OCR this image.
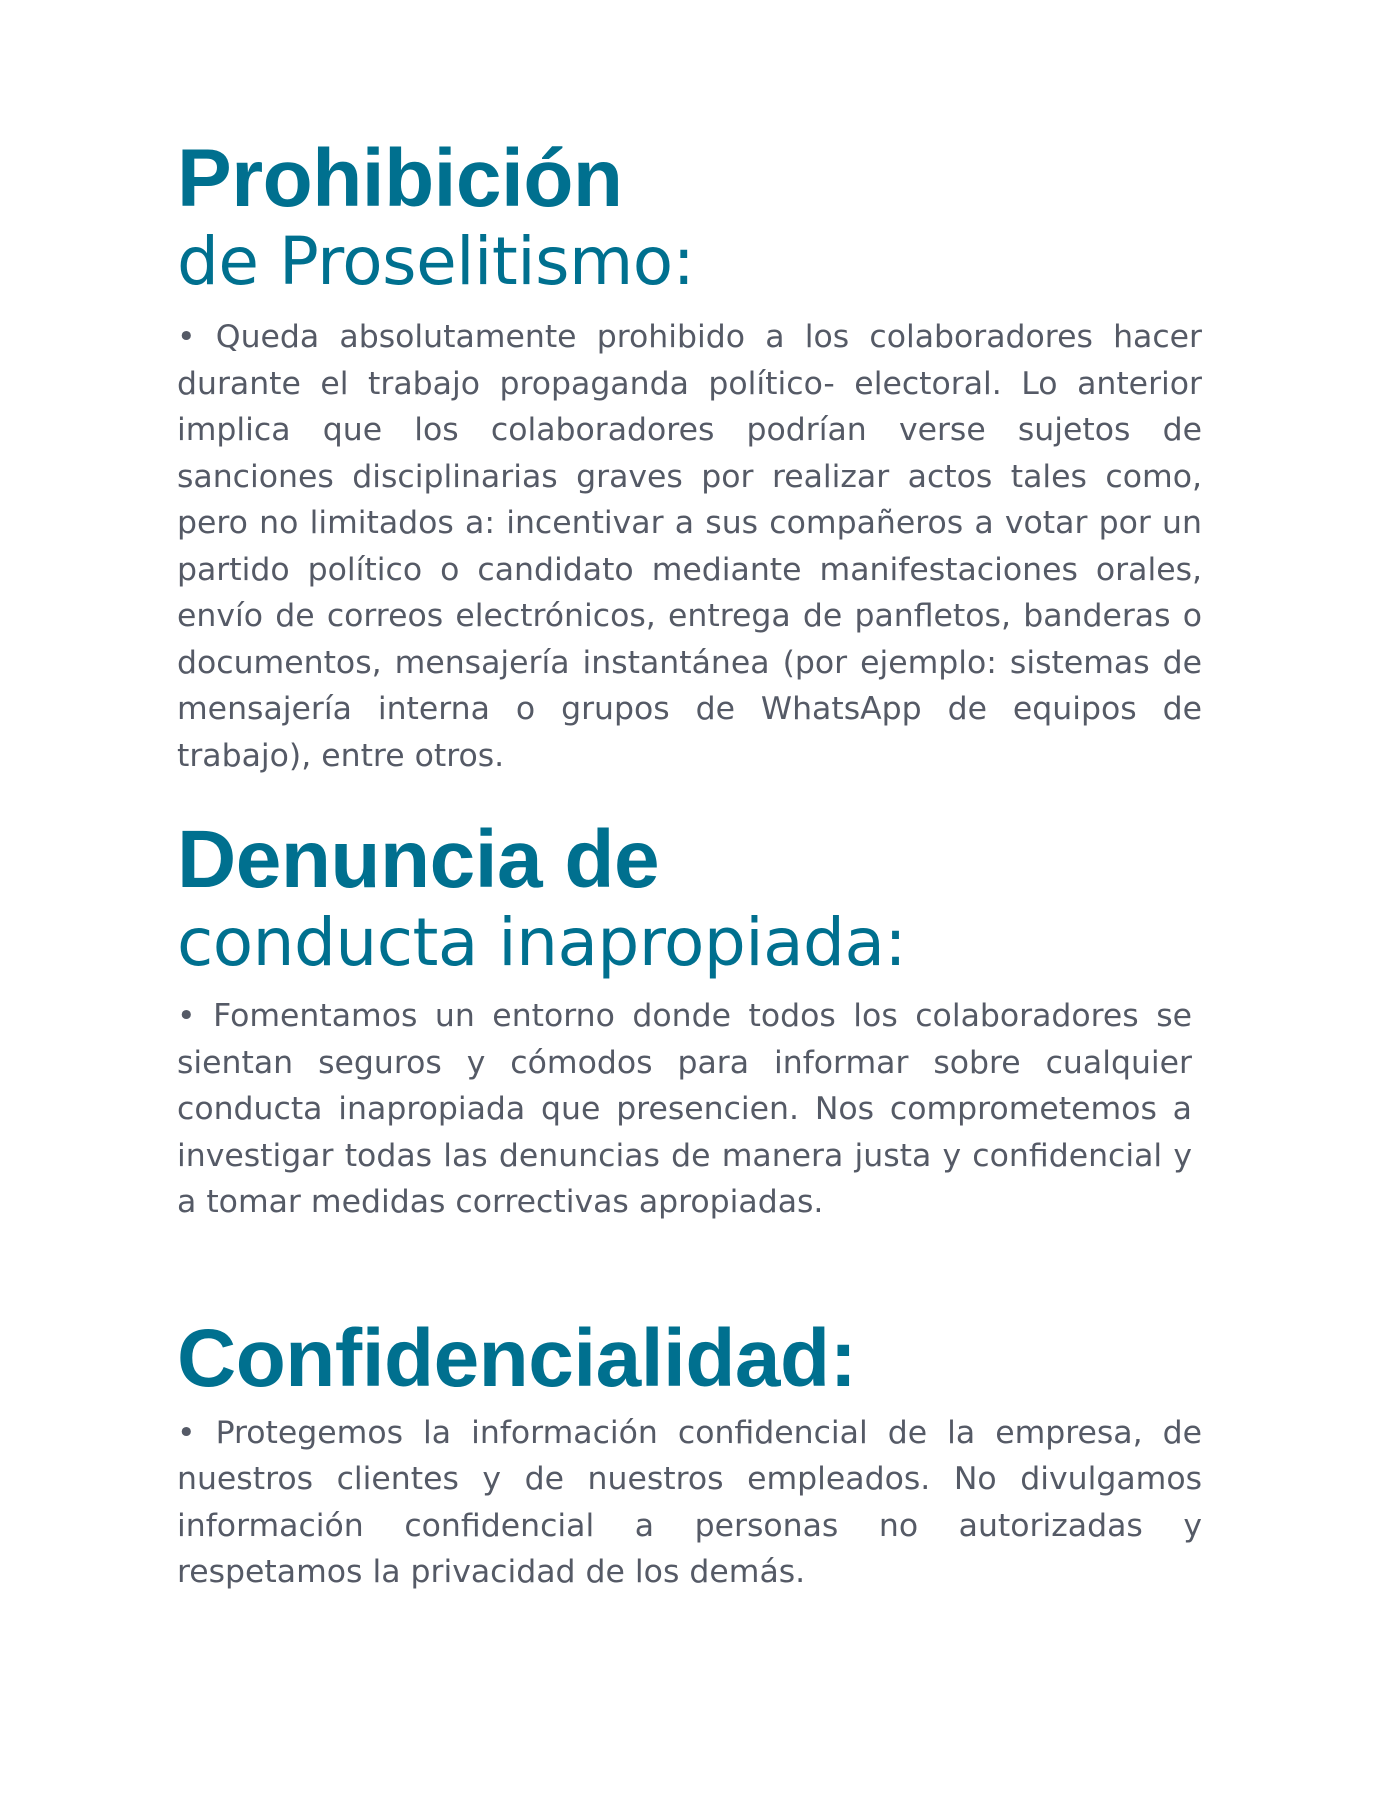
Prohibición
de Proselitismo:

• Queda absolutamente prohibido a los colaboradores hacer durante el trabajo propaganda político- electoral. Lo anterior implica que los colaboradores podrían verse sujetos de sanciones disciplinarias graves por realizar actos tales como, pero no limitados a: incentivar a sus compañeros a votar por un partido político o candidato mediante manifestaciones orales, envío de correos electrónicos, entrega de panfletos, banderas o documentos, mensajería instantánea (por ejemplo: sistemas de mensajería interna o grupos de WhatsApp de equipos de trabajo), entre otros.

Denuncia de
conducta inapropiada:

• Fomentamos un entorno donde todos los colaboradores se sientan seguros y cómodos para informar sobre cualquier conducta inapropiada que presencien. Nos comprometemos a investigar todas las denuncias de manera justa y confidencial y a tomar medidas correctivas apropiadas.

Confidencialidad:

• Protegemos la información confidencial de la empresa, de nuestros clientes y de nuestros empleados. No divulgamos información confidencial a personas no autorizadas y respetamos la privacidad de los demás.
